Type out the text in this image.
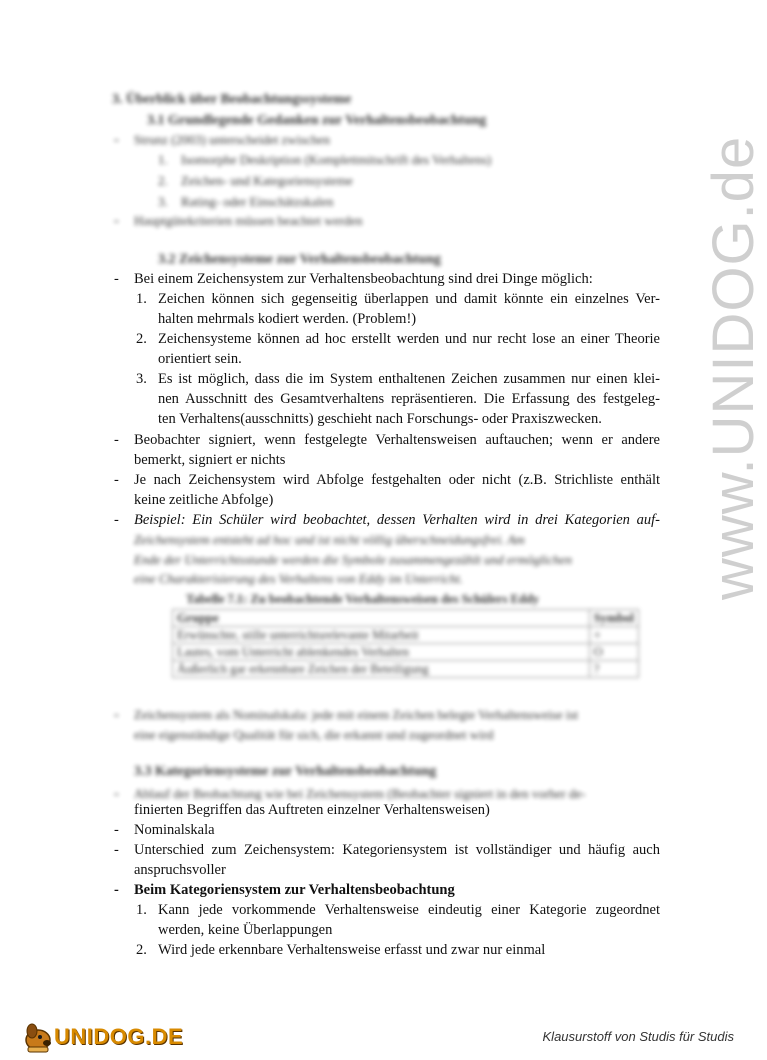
3. Überblick über Beobachtungssysteme
3.1 Grundlegende Gedanken zur Verhaltensbeobachtung
- Strunz (2003) unterscheidet zwischen
1. Isomorphe Deskription (Komplettmitschrift des Verhaltens)
2. Zeichen- und Kategoriensysteme
3. Rating- oder Einschätzskalen
- Hauptgütekriterien müssen beachtet werden
3.2 Zeichensysteme zur Verhaltensbeobachtung
- Bei einem Zeichensystem zur Verhaltensbeobachtung sind drei Dinge möglich:
1. Zeichen können sich gegenseitig überlappen und damit könnte ein einzelnes Ver-
halten mehrmals kodiert werden. (Problem!)
2. Zeichensysteme können ad hoc erstellt werden und nur recht lose an einer Theorie
orientiert sein.
3. Es ist möglich, dass die im System enthaltenen Zeichen zusammen nur einen klei-
nen Ausschnitt des Gesamtverhaltens repräsentieren. Die Erfassung des festgeleg-
ten Verhaltens(ausschnitts) geschieht nach Forschungs- oder Praxiszwecken.
- Beobachter signiert, wenn festgelegte Verhaltensweisen auftauchen; wenn er andere
bemerkt, signiert er nichts
- Je nach Zeichensystem wird Abfolge festgehalten oder nicht (z.B. Strichliste enthält
keine zeitliche Abfolge)
- Beispiel: Ein Schüler wird beobachtet, dessen Verhalten wird in drei Kategorien auf-
Zeichensystem entsteht ad hoc und ist nicht völlig überschneidungsfrei. Am
Ende der Unterrichtsstunde werden die Symbole zusammengezählt und ermöglichen
eine Charakterisierung des Verhaltens von Eddy im Unterricht.
Tabelle 7.1: Zu beobachtende Verhaltensweisen des Schülers Eddy
Gruppe	Symbol
Erwünschte, stille unterrichtsrelevante Mitarbeit	+
Lautes, vom Unterricht ablenkendes Verhalten	O
Äußerlich gar erkennbare Zeichen der Beteiligung	?
- Zeichensystem als Nominalskala: jede mit einem Zeichen belegte Verhaltensweise ist
eine eigenständige Qualität für sich, die erkannt und zugeordnet wird
3.3 Kategoriensysteme zur Verhaltensbeobachtung
- Ablauf der Beobachtung wie bei Zeichensystem (Beobachter signiert in den vorher de-
finierten Begriffen das Auftreten einzelner Verhaltensweisen)
- Nominalskala
- Unterschied zum Zeichensystem: Kategoriensystem ist vollständiger und häufig auch
anspruchsvoller
- Beim Kategoriensystem zur Verhaltensbeobachtung
1. Kann jede vorkommende Verhaltensweise eindeutig einer Kategorie zugeordnet
werden, keine Überlappungen
2. Wird jede erkennbare Verhaltensweise erfasst und zwar nur einmal
www.UNIDOG.de
UNIDOG.DE	Klausurstoff von Studis für Studis
